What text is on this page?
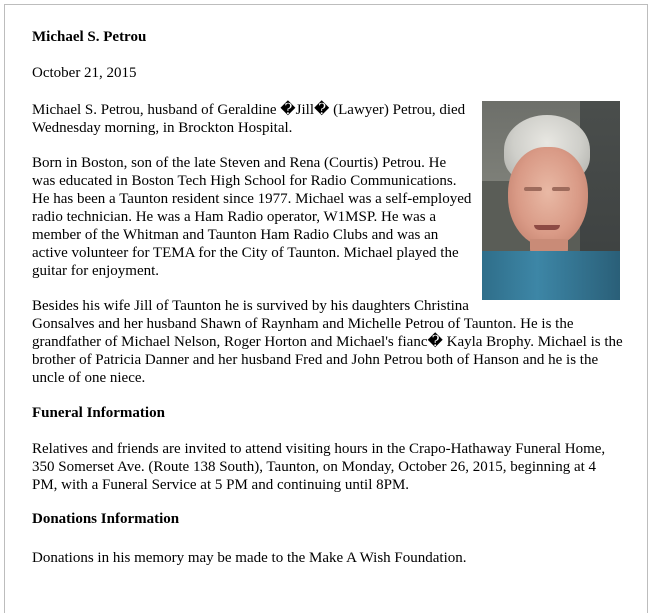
Michael S. Petrou

October 21, 2015

Michael S. Petrou, husband of Geraldine �Jill� (Lawyer) Petrou, died Wednesday morning, in Brockton Hospital.

Born in Boston, son of the late Steven and Rena (Courtis) Petrou. He was educated in Boston Tech High School for Radio Communications. He has been a Taunton resident since 1977. Michael was a self-employed radio technician. He was a Ham Radio operator, W1MSP. He was a member of the Whitman and Taunton Ham Radio Clubs and was an active volunteer for TEMA for the City of Taunton. Michael played the guitar for enjoyment.

Besides his wife Jill of Taunton he is survived by his daughters Christina Gonsalves and her husband Shawn of Raynham and Michelle Petrou of Taunton. He is the grandfather of Michael Nelson, Roger Horton and Michael's fianc� Kayla Brophy. Michael is the brother of Patricia Danner and her husband Fred and John Petrou both of Hanson and he is the uncle of one niece.

Funeral Information

Relatives and friends are invited to attend visiting hours in the Crapo-Hathaway Funeral Home, 350 Somerset Ave. (Route 138 South), Taunton, on Monday, October 26, 2015, beginning at 4 PM, with a Funeral Service at 5 PM and continuing until 8PM.

Donations Information

Donations in his memory may be made to the Make A Wish Foundation.
